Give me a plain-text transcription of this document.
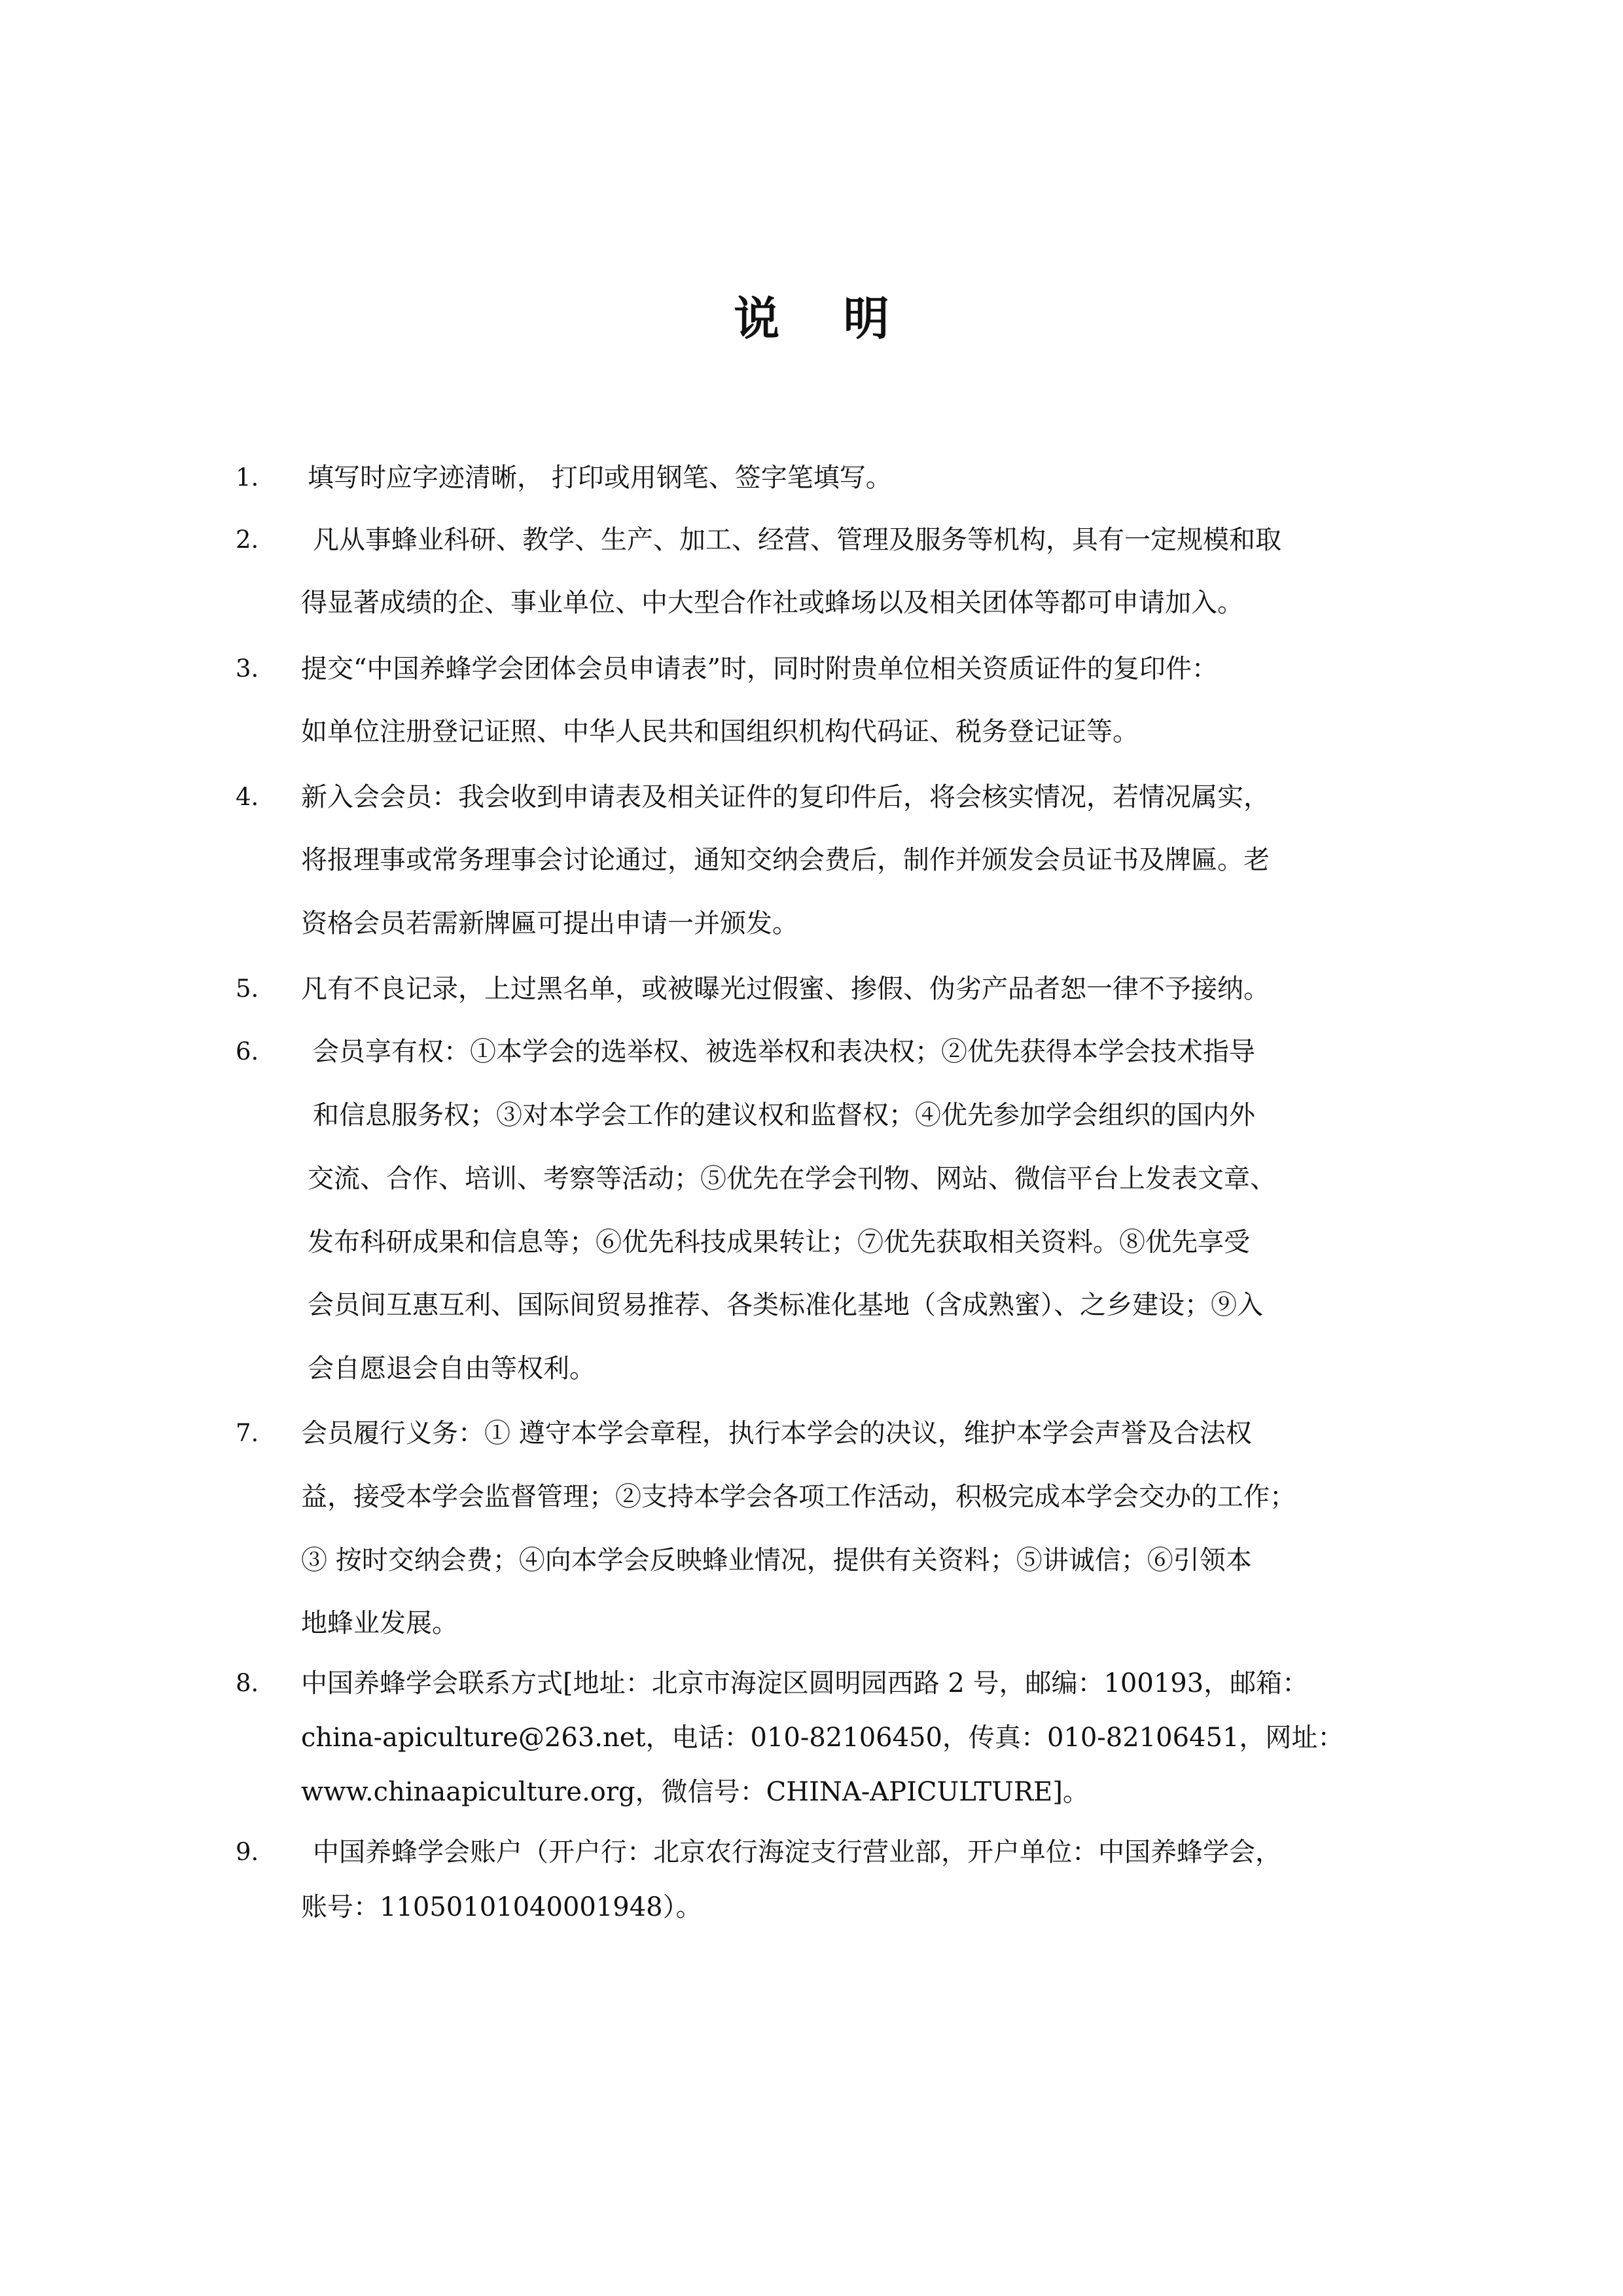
说    明
1. 填写时应字迹清晰， 打印或用钢笔、签字笔填写。
2. 凡从事蜂业科研、教学、生产、加工、经营、管理及服务等机构，具有一定规模和取
得显著成绩的企、事业单位、中大型合作社或蜂场以及相关团体等都可申请加入。
3. 提交“中国养蜂学会团体会员申请表”时，同时附贵单位相关资质证件的复印件：
如单位注册登记证照、中华人民共和国组织机构代码证、税务登记证等。
4. 新入会会员：我会收到申请表及相关证件的复印件后，将会核实情况，若情况属实，
将报理事或常务理事会讨论通过，通知交纳会费后，制作并颁发会员证书及牌匾。老
资格会员若需新牌匾可提出申请一并颁发。
5. 凡有不良记录，上过黑名单，或被曝光过假蜜、掺假、伪劣产品者恕一律不予接纳。
6. 会员享有权：①本学会的选举权、被选举权和表决权；②优先获得本学会技术指导
和信息服务权；③对本学会工作的建议权和监督权；④优先参加学会组织的国内外
交流、合作、培训、考察等活动；⑤优先在学会刊物、网站、微信平台上发表文章、
发布科研成果和信息等；⑥优先科技成果转让；⑦优先获取相关资料。⑧优先享受
会员间互惠互利、国际间贸易推荐、各类标准化基地（含成熟蜜）、之乡建设；⑨入
会自愿退会自由等权利。
7. 会员履行义务：① 遵守本学会章程，执行本学会的决议，维护本学会声誉及合法权
益，接受本学会监督管理；②支持本学会各项工作活动，积极完成本学会交办的工作；
③ 按时交纳会费；④向本学会反映蜂业情况，提供有关资料；⑤讲诚信；⑥引领本
地蜂业发展。
8. 中国养蜂学会联系方式[地址：北京市海淀区圆明园西路 2 号，邮编：100193，邮箱：
china-apiculture@263.net，电话：010-82106450，传真：010-82106451，网址：
www.chinaapiculture.org，微信号：CHINA-APICULTURE]。
9. 中国养蜂学会账户（开户行：北京农行海淀支行营业部，开户单位：中国养蜂学会，
账号：11050101040001948）。
